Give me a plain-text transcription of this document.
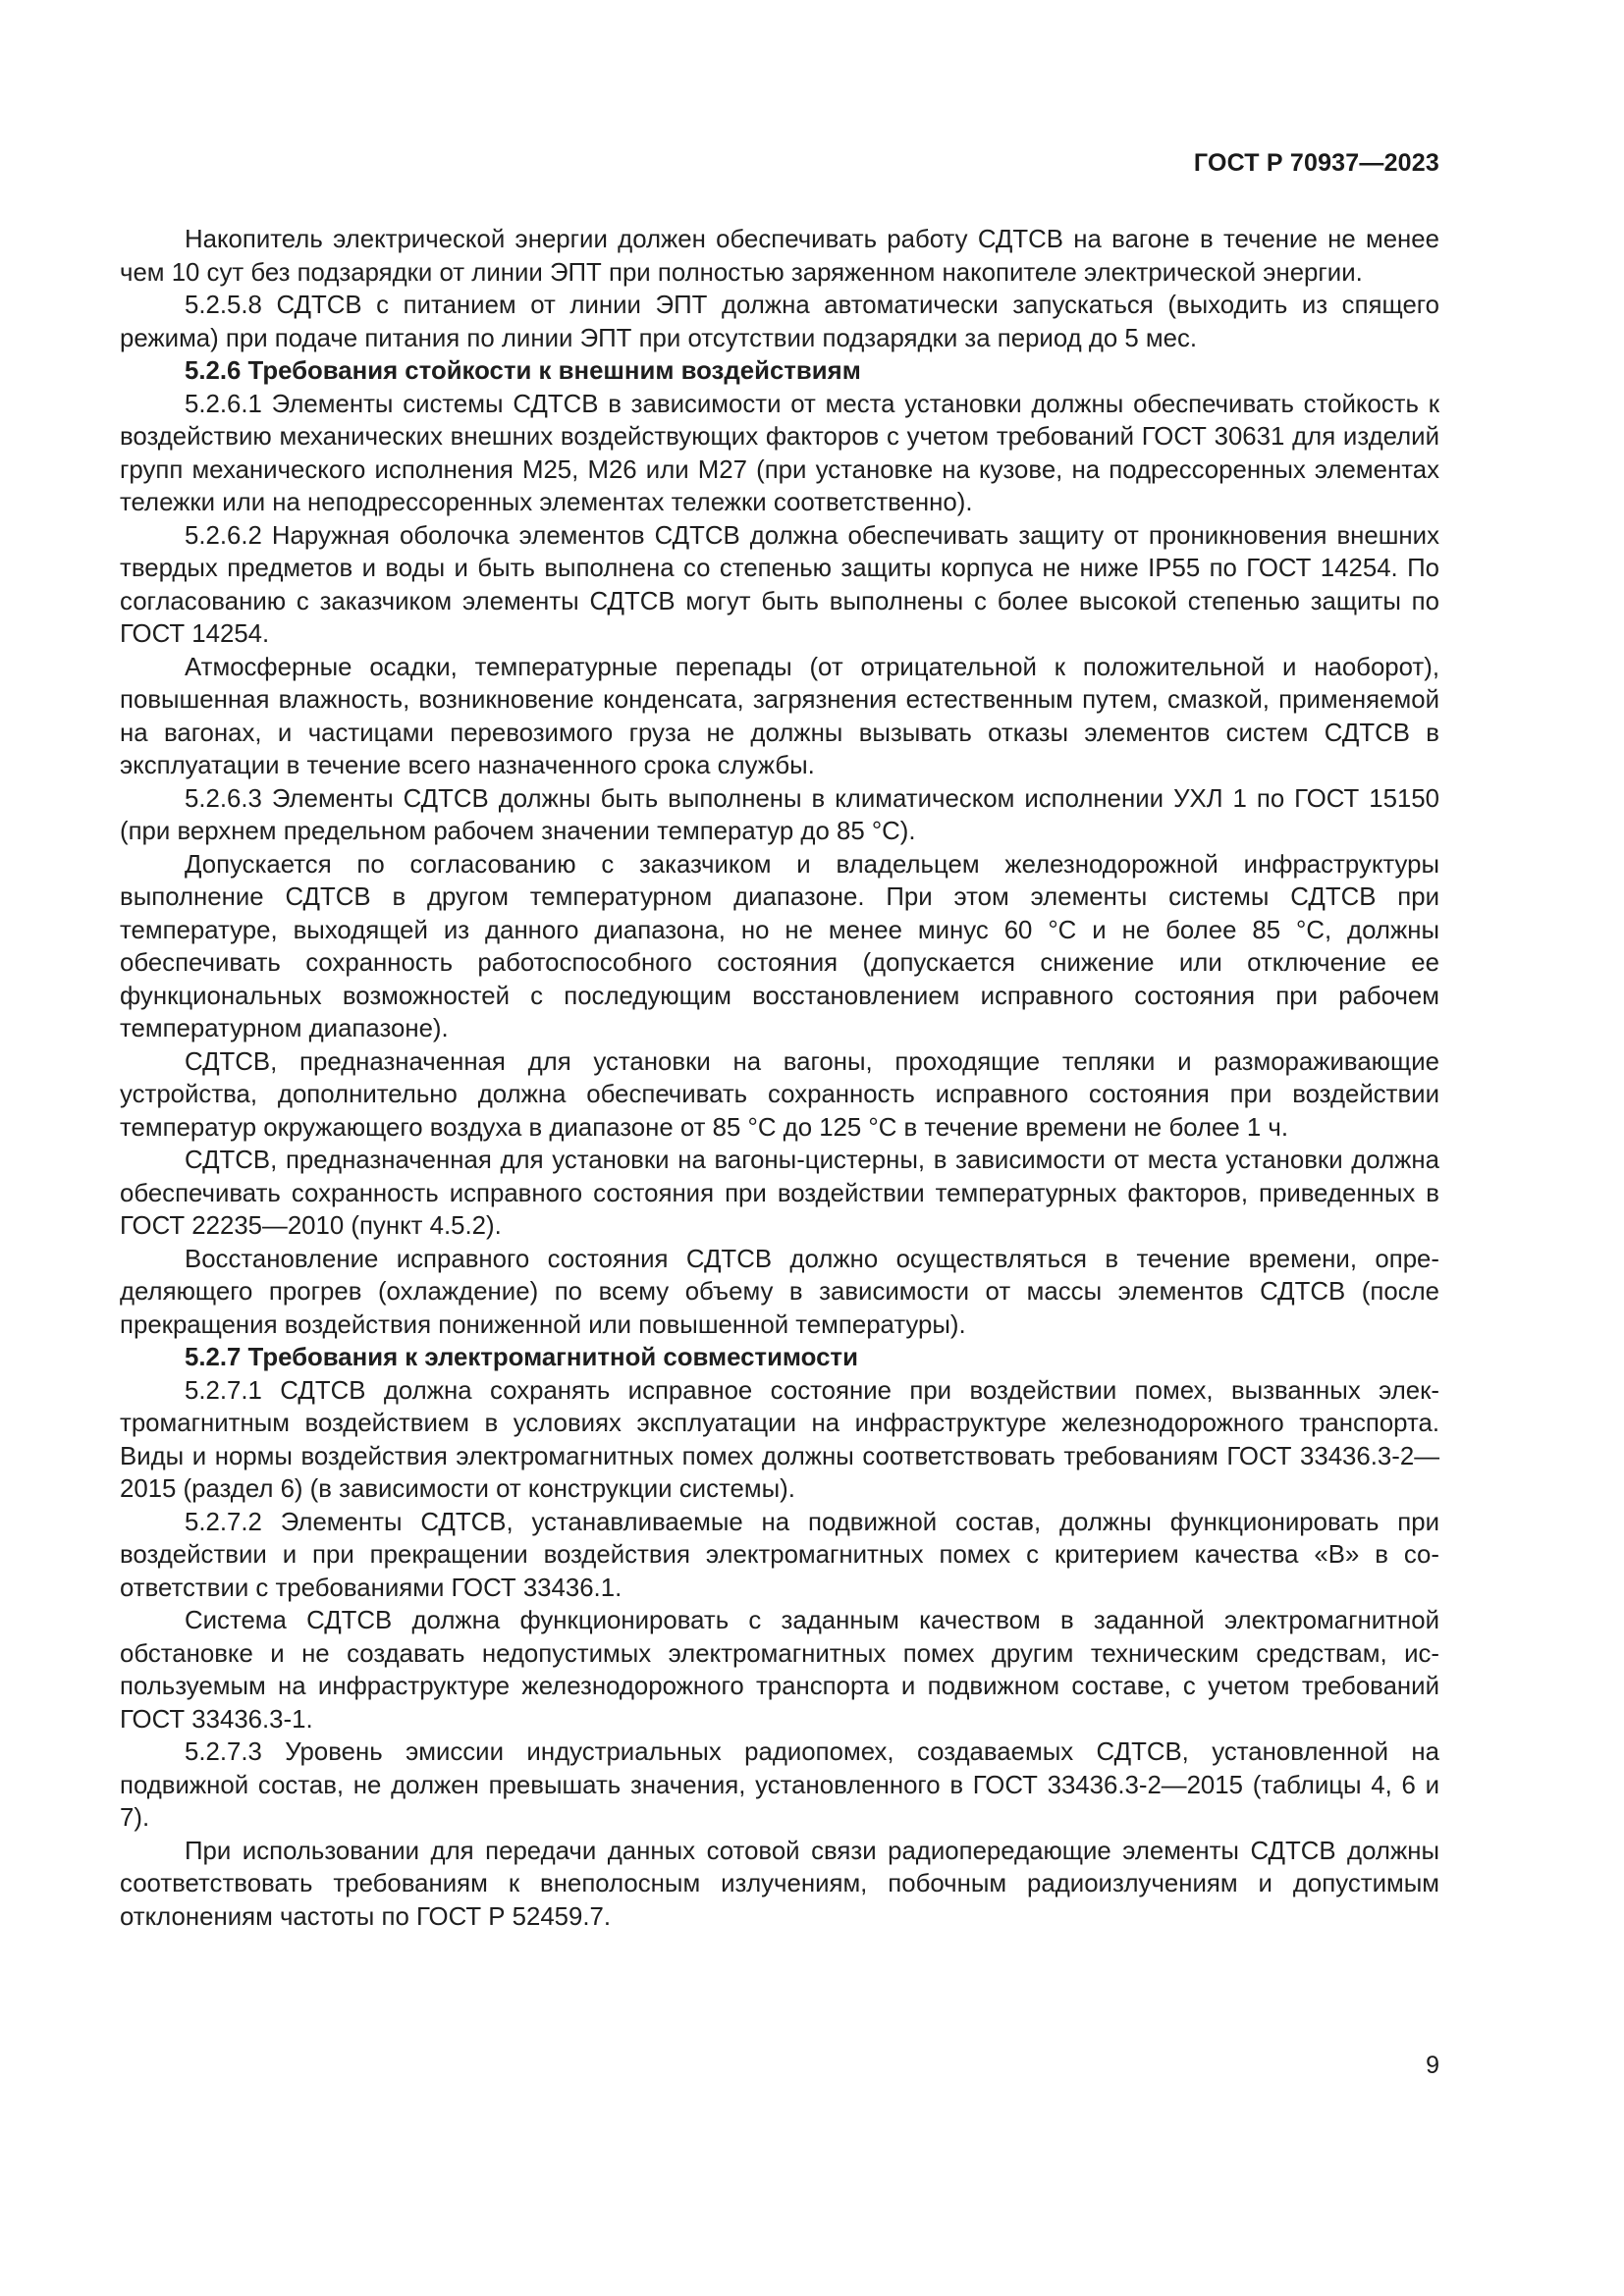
ГОСТ Р 70937—2023

Накопитель электрической энергии должен обеспечивать работу СДТСВ на вагоне в течение не менее чем 10 сут без подзарядки от линии ЭПТ при полностью заряженном накопителе электрической энергии.

5.2.5.8 СДТСВ с питанием от линии ЭПТ должна автоматически запускаться (выходить из спящего режима) при подаче питания по линии ЭПТ при отсутствии подзарядки за период до 5 мес.

5.2.6 Требования стойкости к внешним воздействиям

5.2.6.1 Элементы системы СДТСВ в зависимости от места установки должны обеспечивать стойкость к воздействию механических внешних воздействующих факторов с учетом требований ГОСТ 30631 для изделий групп механического исполнения М25, М26 или М27 (при установке на кузове, на подрессоренных элементах тележки или на неподрессоренных элементах тележки соответственно).

5.2.6.2 Наружная оболочка элементов СДТСВ должна обеспечивать защиту от проникновения внешних твердых предметов и воды и быть выполнена со степенью защиты корпуса не ниже IP55 по ГОСТ 14254. По согласованию с заказчиком элементы СДТСВ могут быть выполнены с более высокой степенью защиты по ГОСТ 14254.

Атмосферные осадки, температурные перепады (от отрицательной к положительной и наоборот), повышенная влажность, возникновение конденсата, загрязнения естественным путем, смазкой, применяемой на вагонах, и частицами перевозимого груза не должны вызывать отказы элементов систем СДТСВ в эксплуатации в течение всего назначенного срока службы.

5.2.6.3 Элементы СДТСВ должны быть выполнены в климатическом исполнении УХЛ 1 по ГОСТ 15150 (при верхнем предельном рабочем значении температур до 85 °С).

Допускается по согласованию с заказчиком и владельцем железнодорожной инфраструктуры выполнение СДТСВ в другом температурном диапазоне. При этом элементы системы СДТСВ при температуре, выходящей из данного диапазона, но не менее минус 60 °С и не более 85 °С, должны обеспечивать сохранность работоспособного состояния (допускается снижение или отключение ее функциональных возможностей с последующим восстановлением исправного состояния при рабочем температурном диапазоне).

СДТСВ, предназначенная для установки на вагоны, проходящие тепляки и размораживающие устройства, дополнительно должна обеспечивать сохранность исправного состояния при воздействии температур окружающего воздуха в диапазоне от 85 °С до 125 °С в течение времени не более 1 ч.

СДТСВ, предназначенная для установки на вагоны-цистерны, в зависимости от места установки должна обеспечивать сохранность исправного состояния при воздействии температурных факторов, приведенных в ГОСТ 22235—2010 (пункт 4.5.2).

Восстановление исправного состояния СДТСВ должно осуществляться в течение времени, определяющего прогрев (охлаждение) по всему объему в зависимости от массы элементов СДТСВ (после прекращения воздействия пониженной или повышенной температуры).

5.2.7 Требования к электромагнитной совместимости

5.2.7.1 СДТСВ должна сохранять исправное состояние при воздействии помех, вызванных электромагнитным воздействием в условиях эксплуатации на инфраструктуре железнодорожного транспорта. Виды и нормы воздействия электромагнитных помех должны соответствовать требованиям ГОСТ 33436.3-2—2015 (раздел 6) (в зависимости от конструкции системы).

5.2.7.2 Элементы СДТСВ, устанавливаемые на подвижной состав, должны функционировать при воздействии и при прекращении воздействия электромагнитных помех с критерием качества «В» в соответствии с требованиями ГОСТ 33436.1.

Система СДТСВ должна функционировать с заданным качеством в заданной электромагнитной обстановке и не создавать недопустимых электромагнитных помех другим техническим средствам, используемым на инфраструктуре железнодорожного транспорта и подвижном составе, с учетом требований ГОСТ 33436.3-1.

5.2.7.3 Уровень эмиссии индустриальных радиопомех, создаваемых СДТСВ, установленной на подвижной состав, не должен превышать значения, установленного в ГОСТ 33436.3-2—2015 (таблицы 4, 6 и 7).

При использовании для передачи данных сотовой связи радиопередающие элементы СДТСВ должны соответствовать требованиям к внеполосным излучениям, побочным радиоизлучениям и допустимым отклонениям частоты по ГОСТ Р 52459.7.

9
